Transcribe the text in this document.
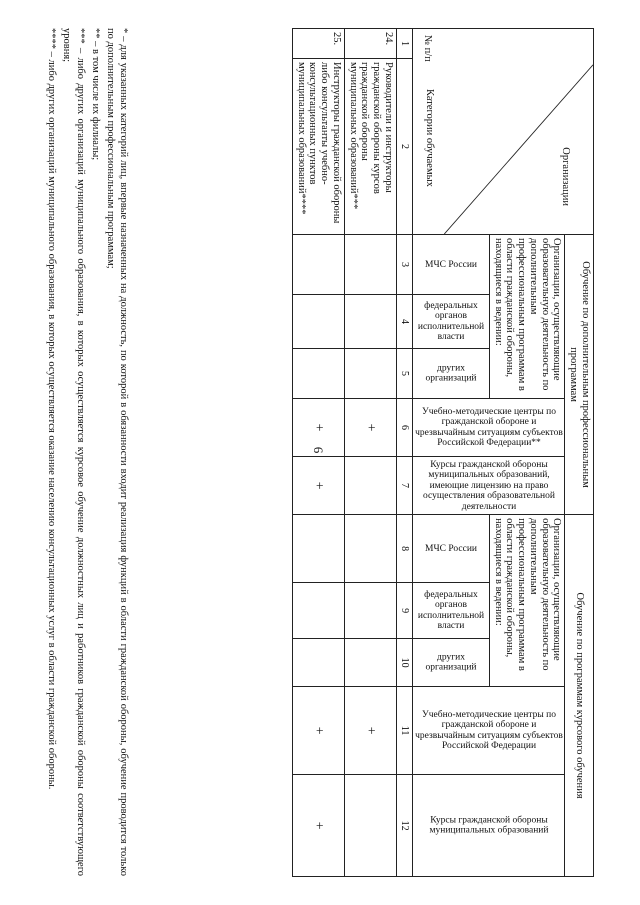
6
Организации
Категории обучаемых
№ п/п		Обучение по дополнительным профессиональным программам					Обучение по программам курсового обучения				
		Организации, осуществляющие образовательную деятельность по дополнительным профессиональным программам в области гражданской обороны, находящиеся в ведении:			Учебно-методические центры по гражданской обороне и чрезвычайным ситуациям субъектов Российской Федерации**	Курсы гражданской обороны муниципальных образований, имеющие лицензию на право осуществления образовательной деятельности	Организации, осуществляющие образовательную деятельность по дополнительным профессиональным программам в области гражданской обороны, находящиеся в ведении:			Учебно-методические центры по гражданской обороне и чрезвычайным ситуациям субъектов Российской Федерации	Курсы гражданской обороны муниципальных образований

		МЧС России	федеральных органов исполнительной власти	других организаций			МЧС России	федеральных органов исполнительной власти	других организаций		

1	2	3	4	5	6	7	8	9	10	11	12
24.	Руководители и инструкторы гражданской обороны курсов гражданской обороны муниципальных образований***				+					+	
25.	Инструкторы гражданской обороны либо консультанты учебно-консультационных пунктов муниципальных образований****				+	+				+	+

* – для указанных категорий лиц, впервые назначенных на должность, по которой в обязанности входит реализация функций в области гражданской обороны, обучение проводится только по дополнительным профессиональным программам;

** – в том числе их филиалы;

*** – либо других организаций муниципального образования, в которых осуществляется курсовое обучение должностных лиц и работников гражданской обороны соответствующего уровня;

**** – либо других организаций муниципального образования, в которых осуществляется оказание населению консультационных услуг в области гражданской обороны.
